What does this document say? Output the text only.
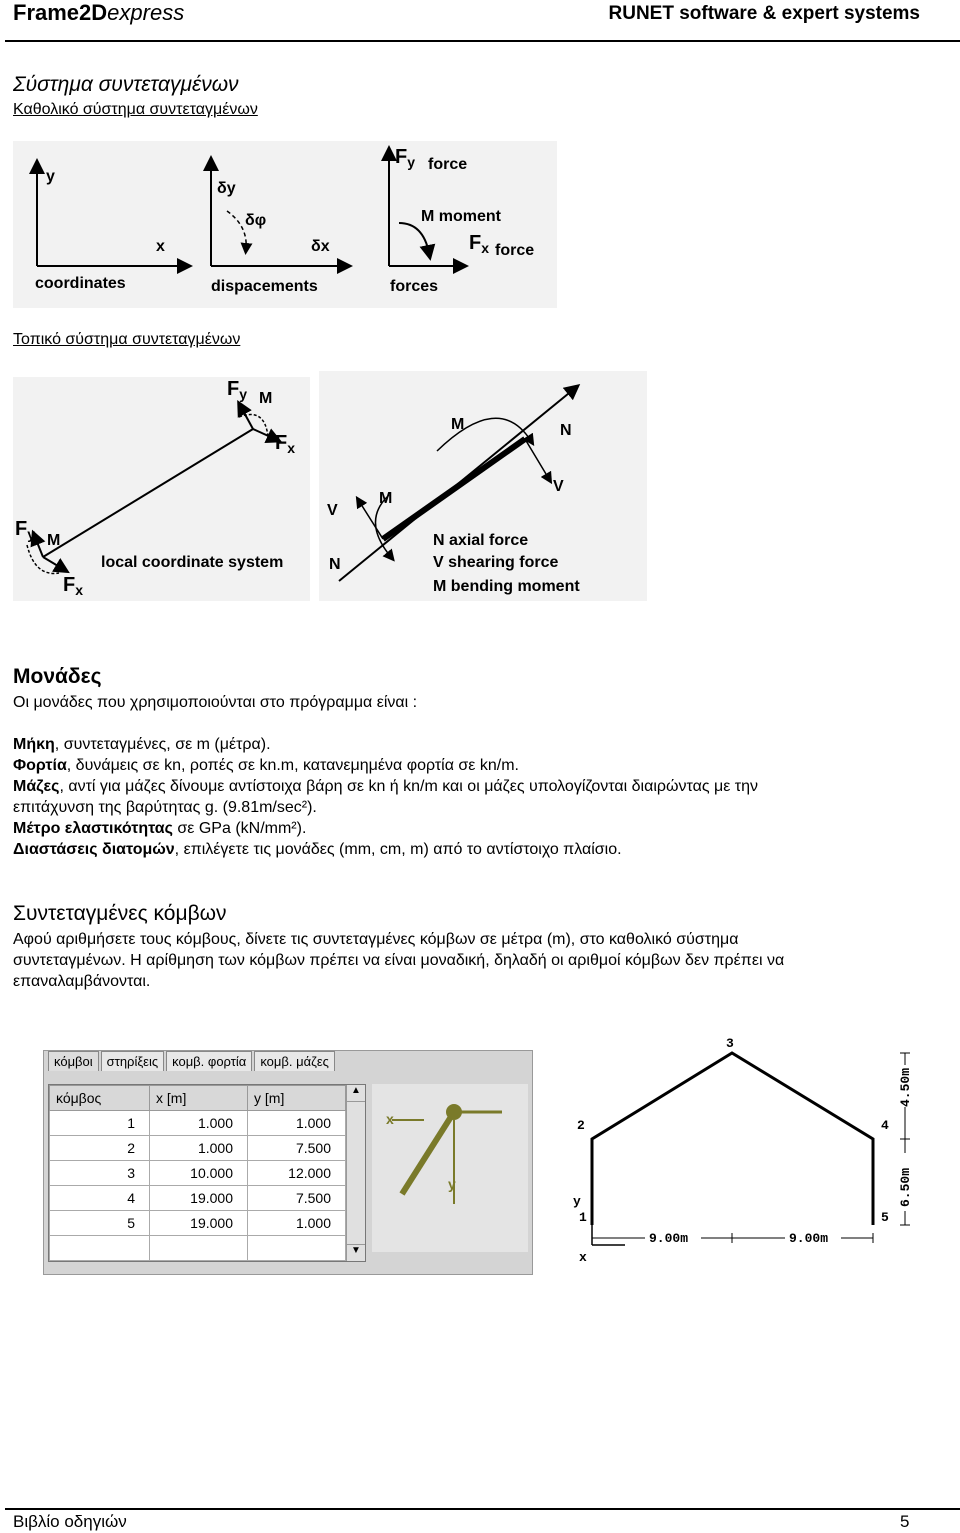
Frame2Dexpress	RUNET software & expert systems
Σύστημα συντεταγμένων
Καθολικό σύστημα συντεταγμένων
y
x
coordinates
δy
δφ
δx
dispacements
$F_y$ force
M moment
$F_x$ force
forces
Τοπικό σύστημα συντεταγμένων
$F_y$ M
$F_x$
$F_y$ M
$F_x$
local coordinate system
M	N
V
V
M
N
N axial force
V shearing force
M bending moment
Μονάδες
Οι μονάδες που χρησιμοποιούνται στο πρόγραμμα είναι :
Μήκη, συντεταγμένες, σε m (μέτρα).
Φορτία, δυνάμεις σε kn, ροπές σε kn.m, κατανεμημένα φορτία σε kn/m.
Μάζες, αντί για μάζες δίνουμε αντίστοιχα βάρη σε kn ή kn/m και οι μάζες υπολογίζονται διαιρώντας με την
επιτάχυνση της βαρύτητας g. (9.81m/sec²).
Μέτρο ελαστικότητας σε GPa (kN/mm²).
Διαστάσεις διατομών, επιλέγετε τις μονάδες (mm, cm, m) από το αντίστοιχο πλαίσιο.
Συντεταγμένες κόμβων
Αφού αριθμήσετε τους κόμβους, δίνετε τις συντεταγμένες κόμβων σε μέτρα (m), στο καθολικό σύστημα
συντεταγμένων. Η αρίθμηση των κόμβων πρέπει να είναι μοναδική, δηλαδή οι αριθμοί κόμβων δεν πρέπει να
επαναλαμβάνονται.
κόμβοι	στηρίξεις	κομβ. φορτία	κομβ. μάζες
κόμβος	x [m]	y [m]
1	1.000	1.000
2	1.000	7.500
3	10.000	12.000
4	19.000	7.500
5	19.000	1.000

▲
▼
x
y
1
2
3
4
5
y
x
9.00m	9.00m
4.50m
6.50m
Βιβλίο οδηγιών	5
